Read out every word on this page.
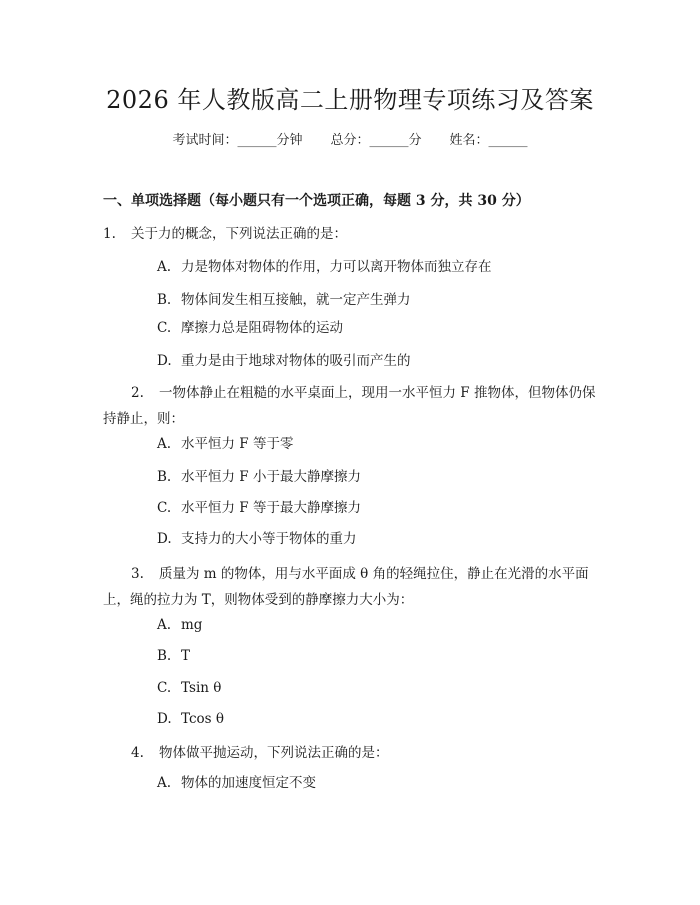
2026 年人教版高二上册物理专项练习及答案
考试时间：______分钟 总分：______分 姓名：______
一、单项选择题（每小题只有一个选项正确，每题 3 分，共 30 分）
1. 关于力的概念，下列说法正确的是：
A. 力是物体对物体的作用，力可以离开物体而独立存在
B. 物体间发生相互接触，就一定产生弹力
C. 摩擦力总是阻碍物体的运动
D. 重力是由于地球对物体的吸引而产生的
2. 一物体静止在粗糙的水平桌面上，现用一水平恒力 F 推物体，但物体仍保持静止，则：
A. 水平恒力 F 等于零
B. 水平恒力 F 小于最大静摩擦力
C. 水平恒力 F 等于最大静摩擦力
D. 支持力的大小等于物体的重力
3. 质量为 m 的物体，用与水平面成 θ 角的轻绳拉住，静止在光滑的水平面上，绳的拉力为 T，则物体受到的静摩擦力大小为：
A. mg
B. T
C. Tsin θ
D. Tcos θ
4. 物体做平抛运动，下列说法正确的是：
A. 物体的加速度恒定不变
